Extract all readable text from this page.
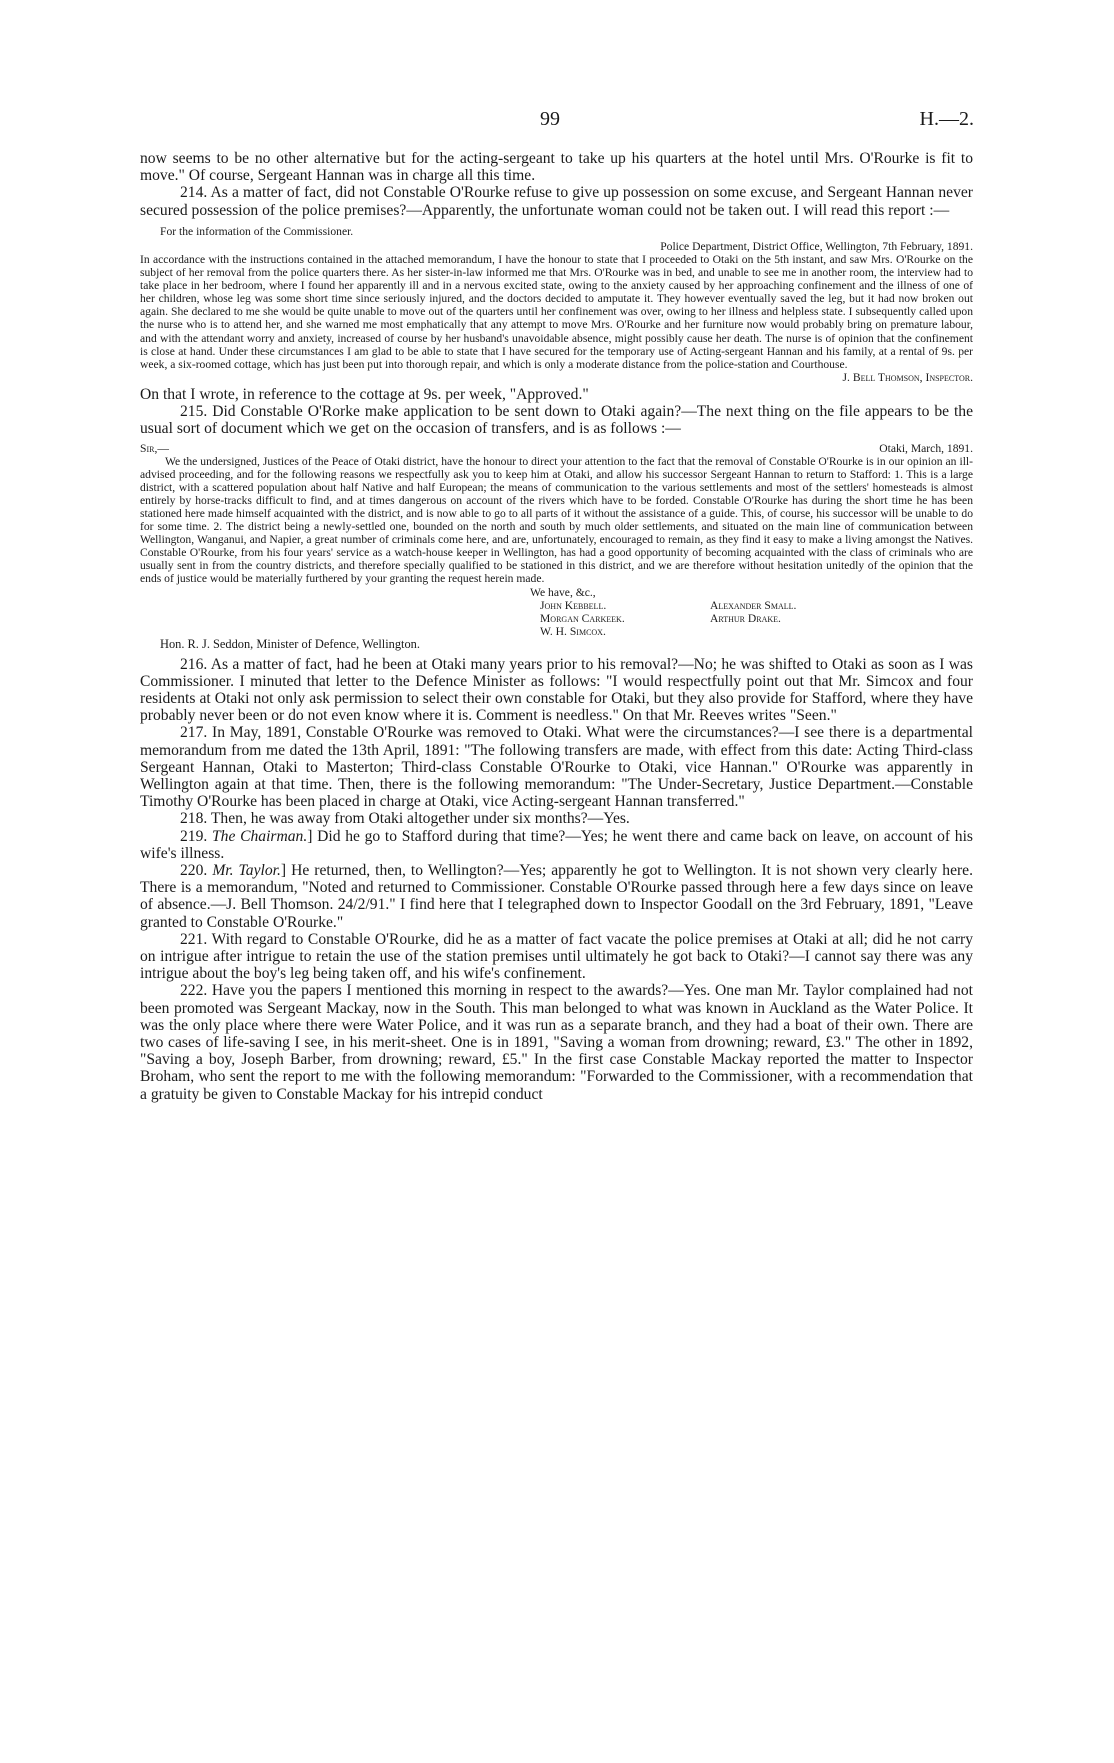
99	H.—2.

now seems to be no other alternative but for the acting-sergeant to take up his quarters at the hotel until Mrs. O'Rourke is fit to move." Of course, Sergeant Hannan was in charge all this time.

214. As a matter of fact, did not Constable O'Rourke refuse to give up possession on some excuse, and Sergeant Hannan never secured possession of the police premises?—Apparently, the unfortunate woman could not be taken out. I will read this report :—

For the information of the Commissioner.

Police Department, District Office, Wellington, 7th February, 1891.

In accordance with the instructions contained in the attached memorandum, I have the honour to state that I proceeded to Otaki on the 5th instant, and saw Mrs. O'Rourke on the subject of her removal from the police quarters there. As her sister-in-law informed me that Mrs. O'Rourke was in bed, and unable to see me in another room, the interview had to take place in her bedroom, where I found her apparently ill and in a nervous excited state, owing to the anxiety caused by her approaching confinement and the illness of one of her children, whose leg was some short time since seriously injured, and the doctors decided to amputate it. They however eventually saved the leg, but it had now broken out again. She declared to me she would be quite unable to move out of the quarters until her confinement was over, owing to her illness and helpless state. I subsequently called upon the nurse who is to attend her, and she warned me most emphatically that any attempt to move Mrs. O'Rourke and her furniture now would probably bring on premature labour, and with the attendant worry and anxiety, increased of course by her husband's unavoidable absence, might possibly cause her death. The nurse is of opinion that the confinement is close at hand. Under these circumstances I am glad to be able to state that I have secured for the temporary use of Acting-sergeant Hannan and his family, at a rental of 9s. per week, a six-roomed cottage, which has just been put into thorough repair, and which is only a moderate distance from the police-station and Courthouse.

J. Bell Thomson, Inspector.

On that I wrote, in reference to the cottage at 9s. per week, "Approved."

215. Did Constable O'Rorke make application to be sent down to Otaki again?—The next thing on the file appears to be the usual sort of document which we get on the occasion of transfers, and is as follows :—

Sir,—	Otaki, March, 1891.

We the undersigned, Justices of the Peace of Otaki district, have the honour to direct your attention to the fact that the removal of Constable O'Rourke is in our opinion an ill-advised proceeding, and for the following reasons we respectfully ask you to keep him at Otaki, and allow his successor Sergeant Hannan to return to Stafford: 1. This is a large district, with a scattered population about half Native and half European; the means of communication to the various settlements and most of the settlers' homesteads is almost entirely by horse-tracks difficult to find, and at times dangerous on account of the rivers which have to be forded. Constable O'Rourke has during the short time he has been stationed here made himself acquainted with the district, and is now able to go to all parts of it without the assistance of a guide. This, of course, his successor will be unable to do for some time. 2. The district being a newly-settled one, bounded on the north and south by much older settlements, and situated on the main line of communication between Wellington, Wanganui, and Napier, a great number of criminals come here, and are, unfortunately, encouraged to remain, as they find it easy to make a living amongst the Natives. Constable O'Rourke, from his four years' service as a watch-house keeper in Wellington, has had a good opportunity of becoming acquainted with the class of criminals who are usually sent in from the country districts, and therefore specially qualified to be stationed in this district, and we are therefore without hesitation unitedly of the opinion that the ends of justice would be materially furthered by your granting the request herein made.

We have, &c.,
John Kebbell.	Alexander Small.
Morgan Carkeek.	Arthur Drake.
W. H. Simcox.
Hon. R. J. Seddon, Minister of Defence, Wellington.

216. As a matter of fact, had he been at Otaki many years prior to his removal?—No; he was shifted to Otaki as soon as I was Commissioner. I minuted that letter to the Defence Minister as follows: "I would respectfully point out that Mr. Simcox and four residents at Otaki not only ask permission to select their own constable for Otaki, but they also provide for Stafford, where they have probably never been or do not even know where it is. Comment is needless." On that Mr. Reeves writes "Seen."

217. In May, 1891, Constable O'Rourke was removed to Otaki. What were the circumstances?—I see there is a departmental memorandum from me dated the 13th April, 1891: "The following transfers are made, with effect from this date: Acting Third-class Sergeant Hannan, Otaki to Masterton; Third-class Constable O'Rourke to Otaki, vice Hannan." O'Rourke was apparently in Wellington again at that time. Then, there is the following memorandum: "The Under-Secretary, Justice Department.—Constable Timothy O'Rourke has been placed in charge at Otaki, vice Acting-sergeant Hannan transferred."

218. Then, he was away from Otaki altogether under six months?—Yes.

219. The Chairman.] Did he go to Stafford during that time?—Yes; he went there and came back on leave, on account of his wife's illness.

220. Mr. Taylor.] He returned, then, to Wellington?—Yes; apparently he got to Wellington. It is not shown very clearly here. There is a memorandum, "Noted and returned to Commissioner. Constable O'Rourke passed through here a few days since on leave of absence.—J. Bell Thomson. 24/2/91." I find here that I telegraphed down to Inspector Goodall on the 3rd February, 1891, "Leave granted to Constable O'Rourke."

221. With regard to Constable O'Rourke, did he as a matter of fact vacate the police premises at Otaki at all; did he not carry on intrigue after intrigue to retain the use of the station premises until ultimately he got back to Otaki?—I cannot say there was any intrigue about the boy's leg being taken off, and his wife's confinement.

222. Have you the papers I mentioned this morning in respect to the awards?—Yes. One man Mr. Taylor complained had not been promoted was Sergeant Mackay, now in the South. This man belonged to what was known in Auckland as the Water Police. It was the only place where there were Water Police, and it was run as a separate branch, and they had a boat of their own. There are two cases of life-saving I see, in his merit-sheet. One is in 1891, "Saving a woman from drowning; reward, £3." The other in 1892, "Saving a boy, Joseph Barber, from drowning; reward, £5." In the first case Constable Mackay reported the matter to Inspector Broham, who sent the report to me with the following memorandum: "Forwarded to the Commissioner, with a recommendation that a gratuity be given to Constable Mackay for his intrepid conduct
